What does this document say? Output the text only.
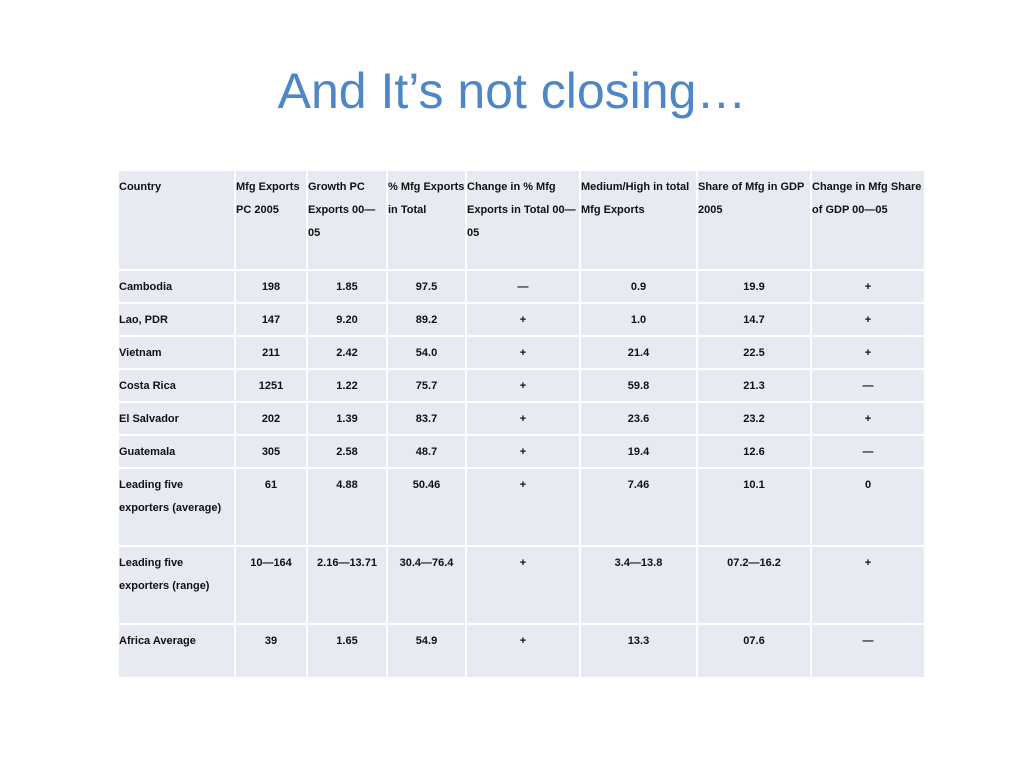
And It’s not closing…
Country	Mfg Exports PC 2005	Growth PC Exports 00—05	% Mfg Exports in Total	Change in % Mfg Exports in Total 00—05	Medium/High in total Mfg Exports	Share of Mfg in GDP 2005	Change in Mfg Share of GDP 00—05
Cambodia	198	1.85	97.5	—	0.9	19.9	+
Lao, PDR	147	9.20	89.2	+	1.0	14.7	+
Vietnam	211	2.42	54.0	+	21.4	22.5	+
Costa Rica	1251	1.22	75.7	+	59.8	21.3	—
El Salvador	202	1.39	83.7	+	23.6	23.2	+
Guatemala	305	2.58	48.7	+	19.4	12.6	—
Leading five exporters (average)	61	4.88	50.46	+	7.46	10.1	0
Leading five exporters (range)	10—164	2.16—13.71	30.4—76.4	+	3.4—13.8	07.2—16.2	+
Africa Average	39	1.65	54.9	+	13.3	07.6	—
